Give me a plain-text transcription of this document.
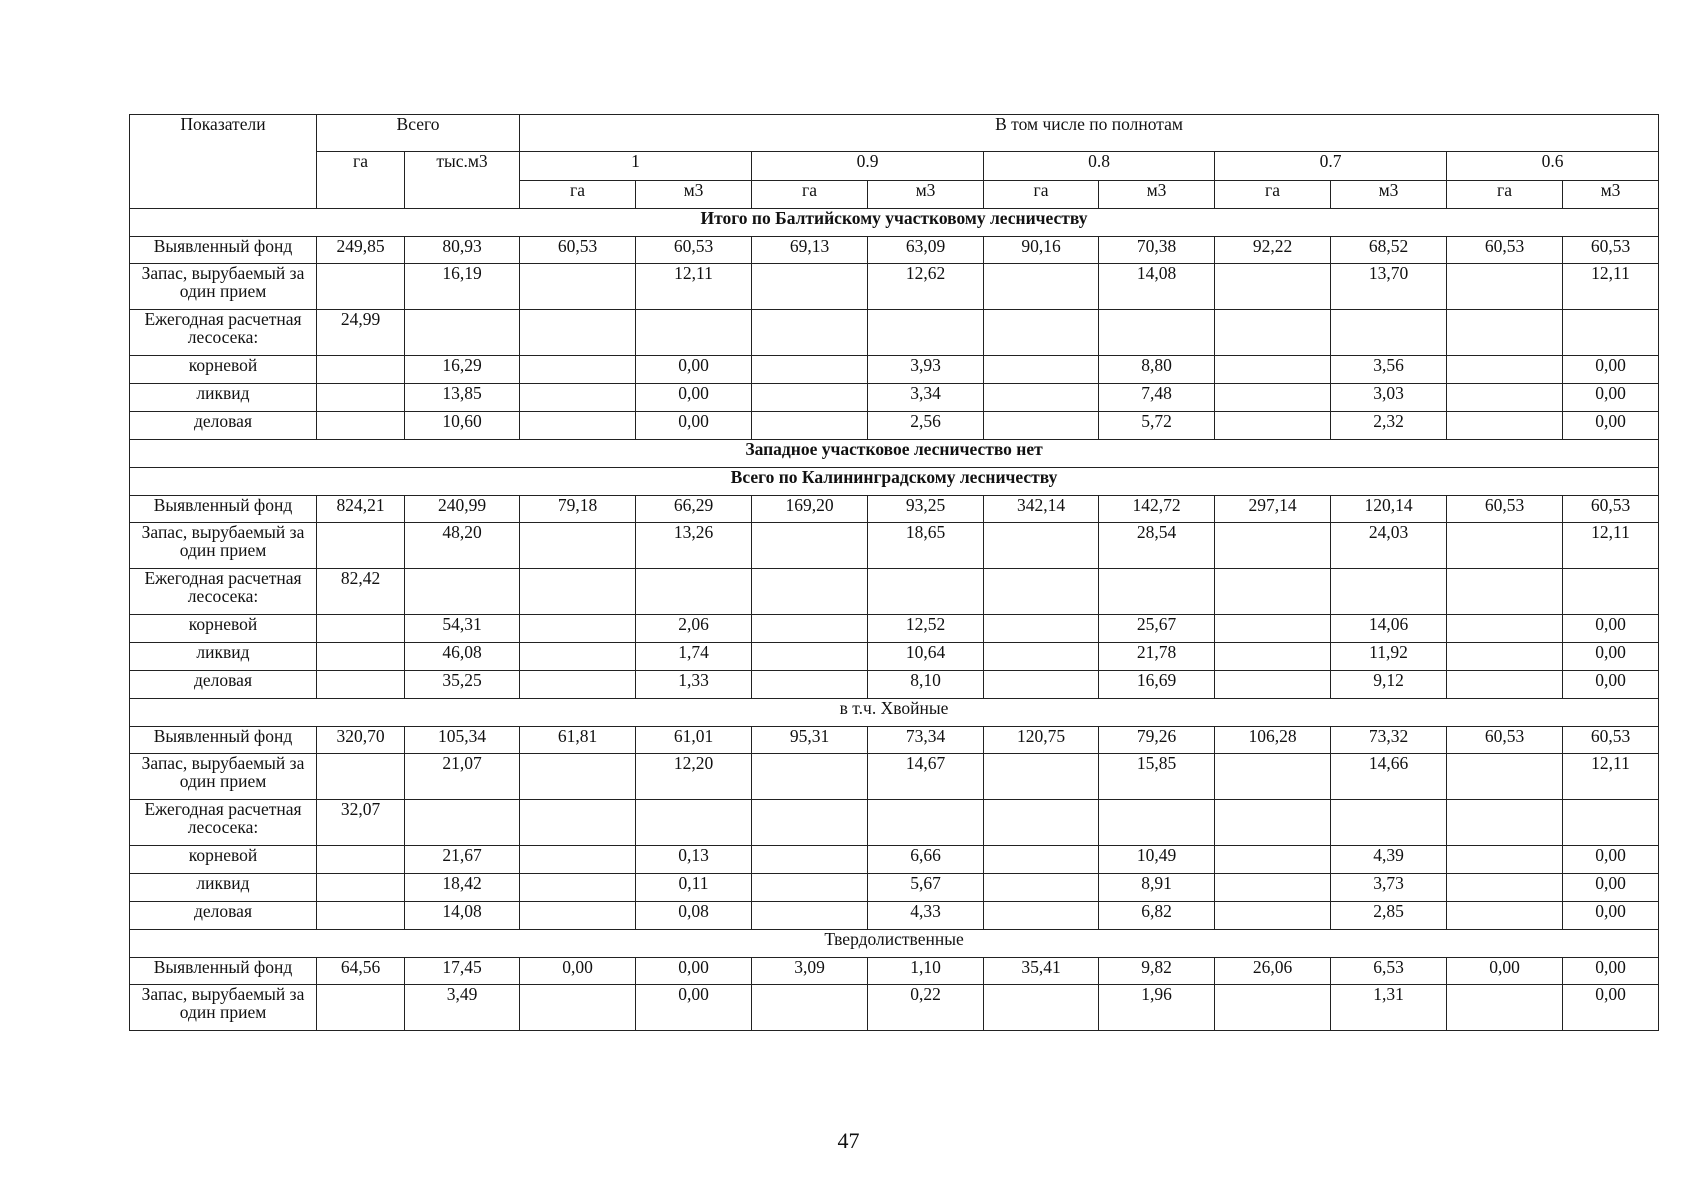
Показатели	Всего		В том числе по полнотам									
	га	тыс.м3	1		0.9		0.8		0.7		0.6	
			га	м3	га	м3	га	м3	га	м3	га	м3
Итого по Балтийскому участковому лесничеству												
Выявленный фонд	249,85	80,93	60,53	60,53	69,13	63,09	90,16	70,38	92,22	68,52	60,53	60,53
Запас, вырубаемый за один прием		16,19		12,11		12,62		14,08		13,70		12,11
Ежегодная расчетная лесосека:	24,99											
корневой		16,29		0,00		3,93		8,80		3,56		0,00
ликвид		13,85		0,00		3,34		7,48		3,03		0,00
деловая		10,60		0,00		2,56		5,72		2,32		0,00
Западное участковое лесничество нет												
Всего по Калининградскому лесничеству												
Выявленный фонд	824,21	240,99	79,18	66,29	169,20	93,25	342,14	142,72	297,14	120,14	60,53	60,53
Запас, вырубаемый за один прием		48,20		13,26		18,65		28,54		24,03		12,11
Ежегодная расчетная лесосека:	82,42											
корневой		54,31		2,06		12,52		25,67		14,06		0,00
ликвид		46,08		1,74		10,64		21,78		11,92		0,00
деловая		35,25		1,33		8,10		16,69		9,12		0,00
в т.ч. Хвойные												
Выявленный фонд	320,70	105,34	61,81	61,01	95,31	73,34	120,75	79,26	106,28	73,32	60,53	60,53
Запас, вырубаемый за один прием		21,07		12,20		14,67		15,85		14,66		12,11
Ежегодная расчетная лесосека:	32,07											
корневой		21,67		0,13		6,66		10,49		4,39		0,00
ликвид		18,42		0,11		5,67		8,91		3,73		0,00
деловая		14,08		0,08		4,33		6,82		2,85		0,00
Твердолиственные												
Выявленный фонд	64,56	17,45	0,00	0,00	3,09	1,10	35,41	9,82	26,06	6,53	0,00	0,00
Запас, вырубаемый за один прием		3,49		0,00		0,22		1,96		1,31		0,00
47
